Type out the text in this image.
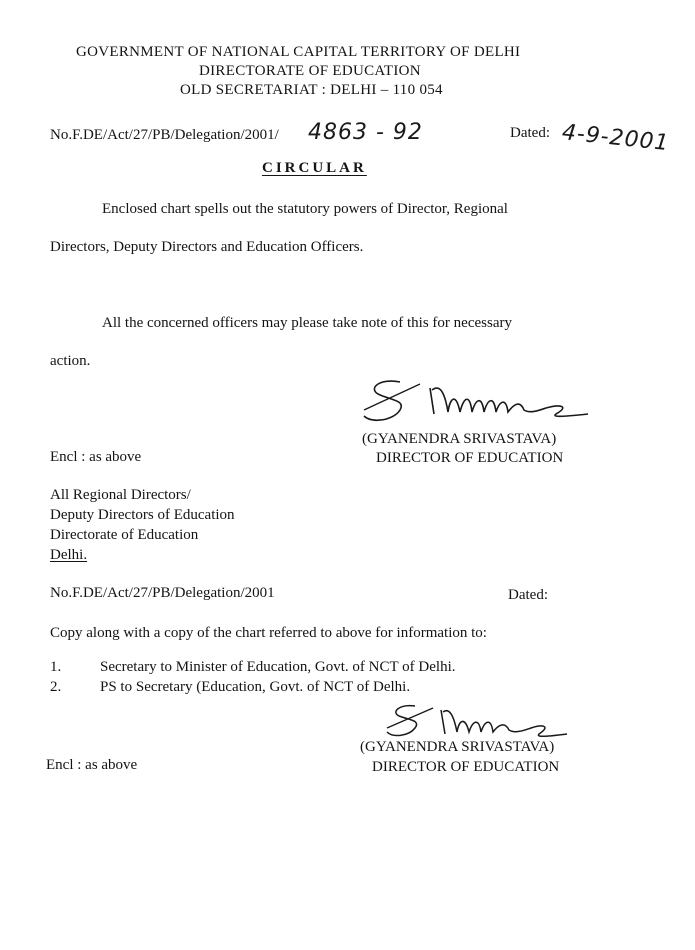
GOVERNMENT OF NATIONAL CAPITAL TERRITORY OF DELHI
DIRECTORATE OF EDUCATION
OLD SECRETARIAT : DELHI – 110 054
No.F.DE/Act/27/PB/Delegation/2001/ 4863 - 92	Dated: 4-9-2001
CIRCULAR
Enclosed chart spells out the statutory powers of Director, Regional
Directors, Deputy Directors and Education Officers.
All the concerned officers may please take note of this for necessary
action.
(GYANENDRA SRIVASTAVA)
DIRECTOR OF EDUCATION
Encl : as above
All Regional Directors/
Deputy Directors of Education
Directorate of Education
Delhi.
No.F.DE/Act/27/PB/Delegation/2001	Dated:
Copy along with a copy of the chart referred to above for information to:
1.	Secretary to Minister of Education, Govt. of NCT of Delhi.
2.	PS to Secretary (Education, Govt. of NCT of Delhi.
(GYANENDRA SRIVASTAVA)
DIRECTOR OF EDUCATION
Encl : as above
